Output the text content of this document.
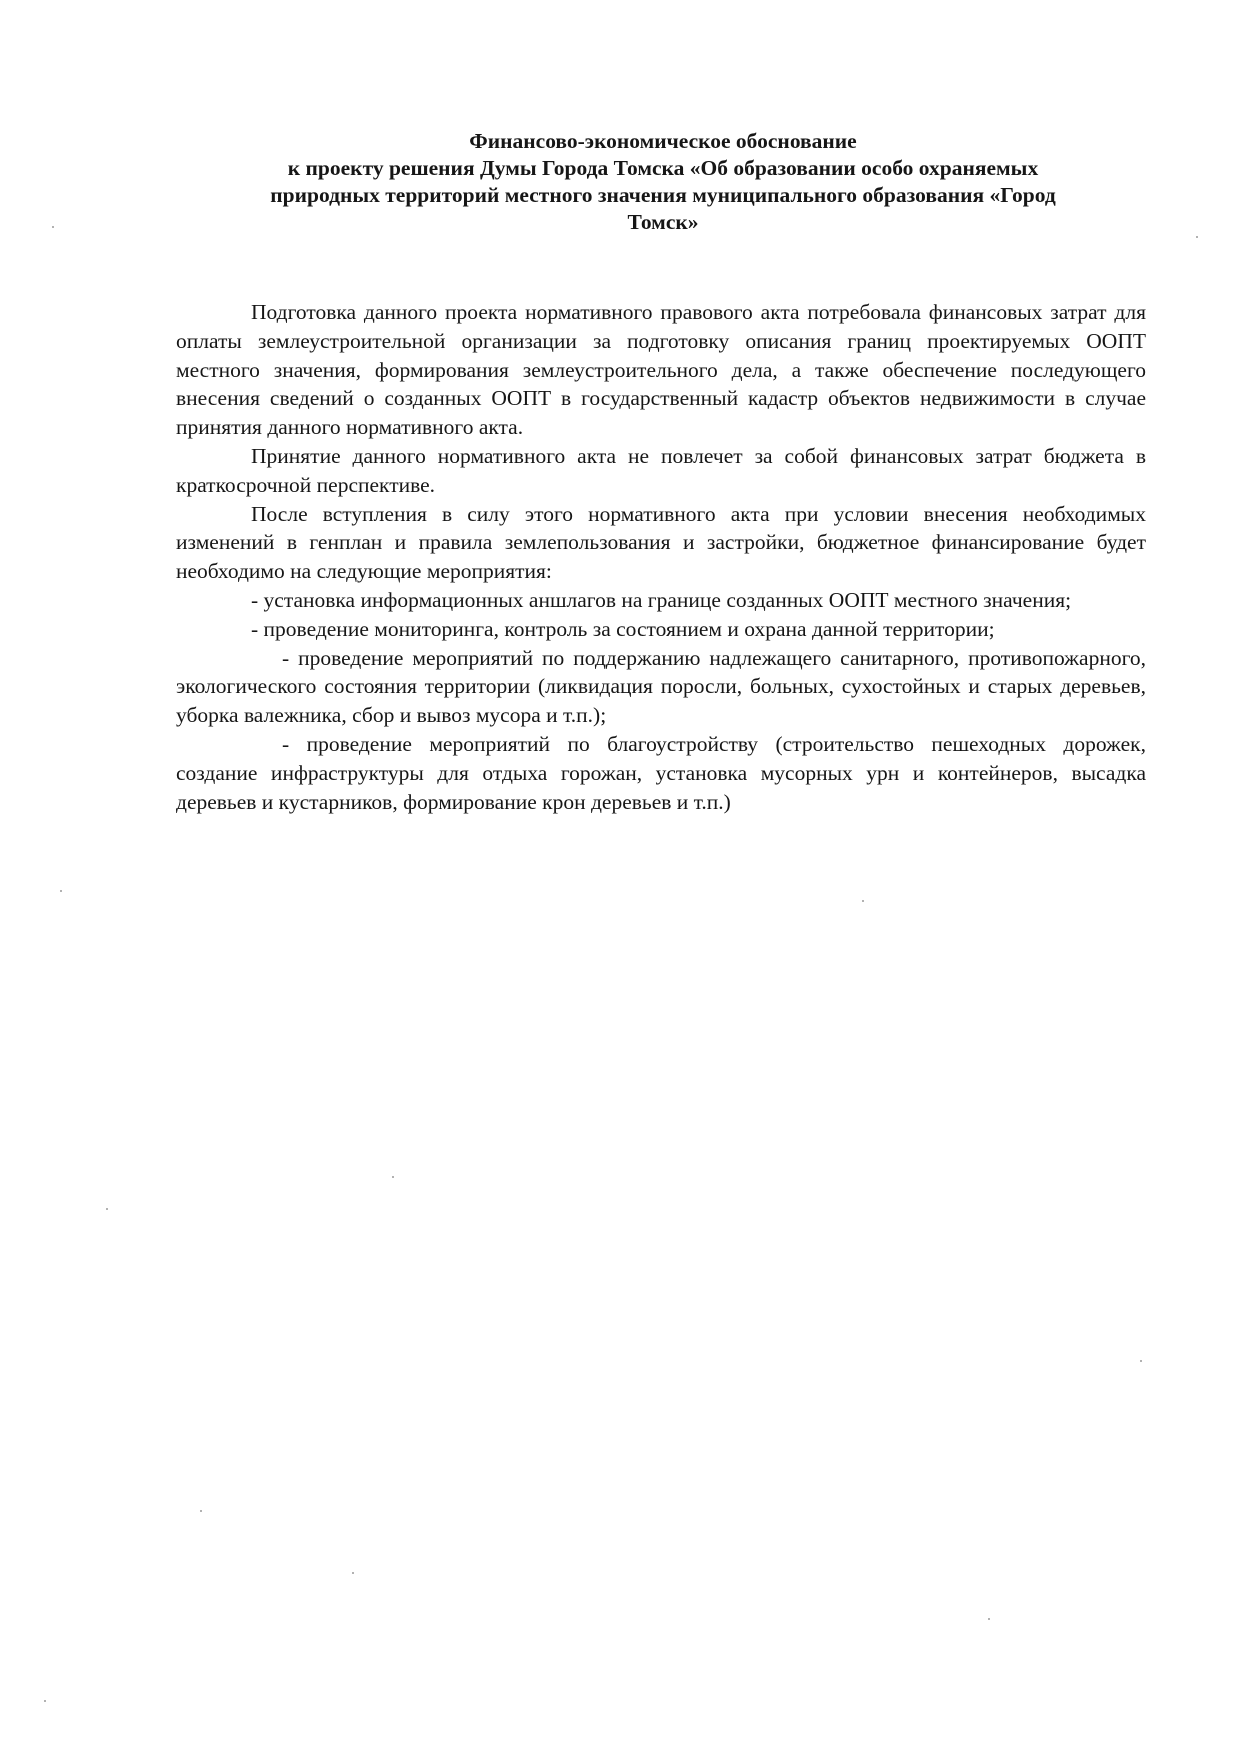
Финансово-экономическое обоснование
к проекту решения Думы Города Томска «Об образовании особо охраняемых
природных территорий местного значения муниципального образования «Город
Томск»

Подготовка данного проекта нормативного правового акта потребовала финансовых затрат для оплаты землеустроительной организации за подготовку описания границ проектируемых ООПТ местного значения, формирования землеустроительного дела, а также обеспечение последующего внесения сведений о созданных ООПТ в государственный кадастр объектов недвижимости в случае принятия данного нормативного акта.

Принятие данного нормативного акта не повлечет за собой финансовых затрат бюджета в краткосрочной перспективе.

После вступления в силу этого нормативного акта при условии внесения необходимых изменений в генплан и правила землепользования и застройки, бюджетное финансирование будет необходимо на следующие мероприятия:

- установка информационных аншлагов на границе созданных ООПТ местного значения;

- проведение мониторинга, контроль за состоянием и охрана данной территории;

- проведение мероприятий по поддержанию надлежащего санитарного, противопожарного, экологического состояния территории (ликвидация поросли, больных, сухостойных и старых деревьев, уборка валежника, сбор и вывоз мусора и т.п.);

- проведение мероприятий по благоустройству (строительство пешеходных дорожек, создание инфраструктуры для отдыха горожан, установка мусорных урн и контейнеров, высадка деревьев и кустарников, формирование крон деревьев и т.п.)
